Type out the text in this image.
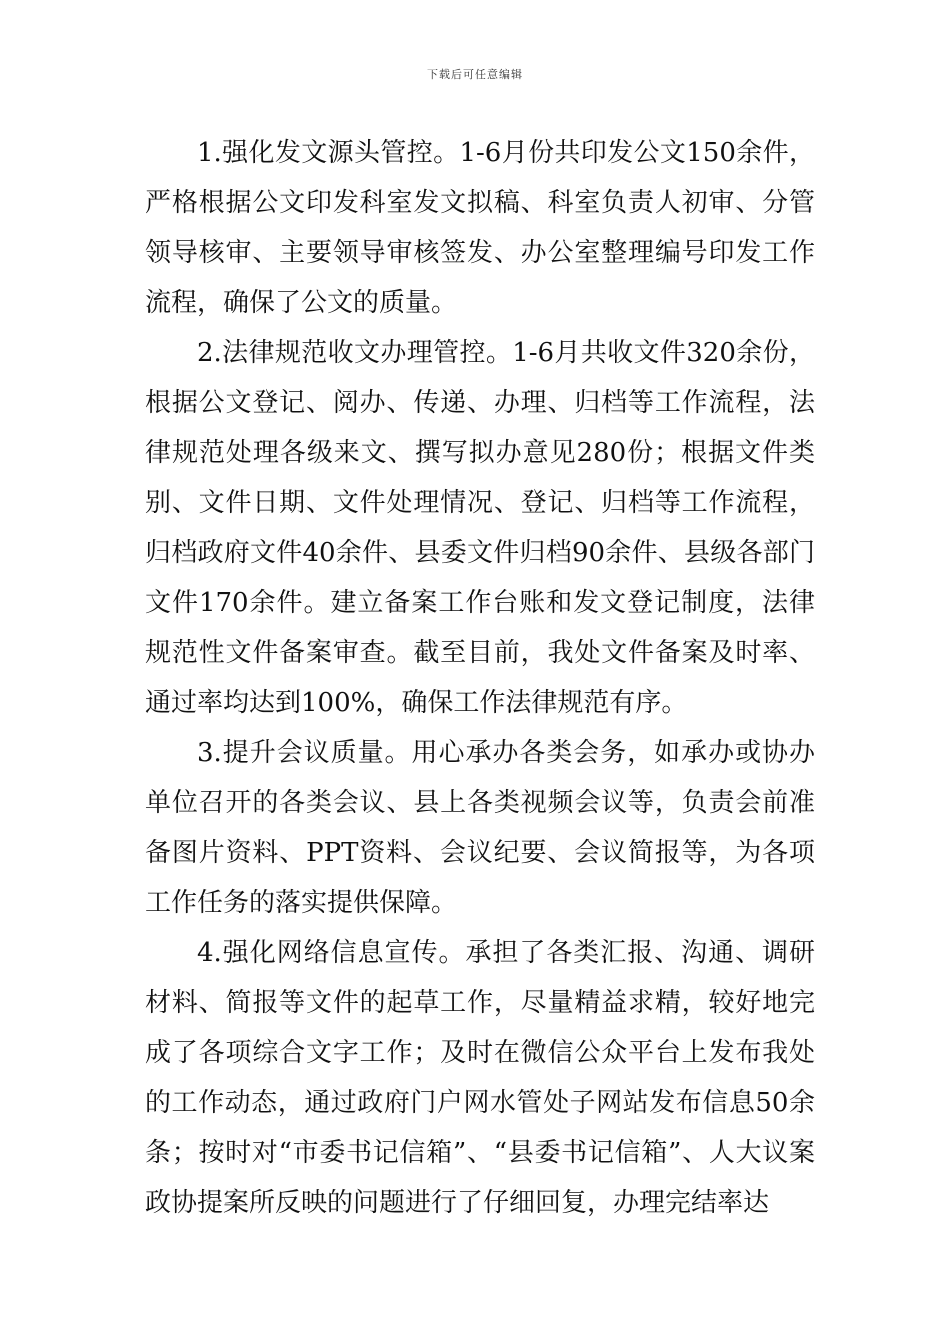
下载后可任意编辑

1.强化发文源头管控。1-6月份共印发公文150余件，严格根据公文印发科室发文拟稿、科室负责人初审、分管领导核审、主要领导审核签发、办公室整理编号印发工作流程，确保了公文的质量。

2.法律规范收文办理管控。1-6月共收文件320余份，根据公文登记、阅办、传递、办理、归档等工作流程，法律规范处理各级来文、撰写拟办意见280份；根据文件类别、文件日期、文件处理情况、登记、归档等工作流程，归档政府文件40余件、县委文件归档90余件、县级各部门文件170余件。建立备案工作台账和发文登记制度，法律规范性文件备案审查。截至目前，我处文件备案及时率、通过率均达到100%，确保工作法律规范有序。

3.提升会议质量。用心承办各类会务，如承办或协办单位召开的各类会议、县上各类视频会议等，负责会前准备图片资料、PPT资料、会议纪要、会议简报等，为各项工作任务的落实提供保障。

4.强化网络信息宣传。承担了各类汇报、沟通、调研材料、简报等文件的起草工作，尽量精益求精，较好地完成了各项综合文字工作；及时在微信公众平台上发布我处的工作动态，通过政府门户网水管处子网站发布信息50余条；按时对“市委书记信箱”、“县委书记信箱”、人大议案政协提案所反映的问题进行了仔细回复，办理完结率达
